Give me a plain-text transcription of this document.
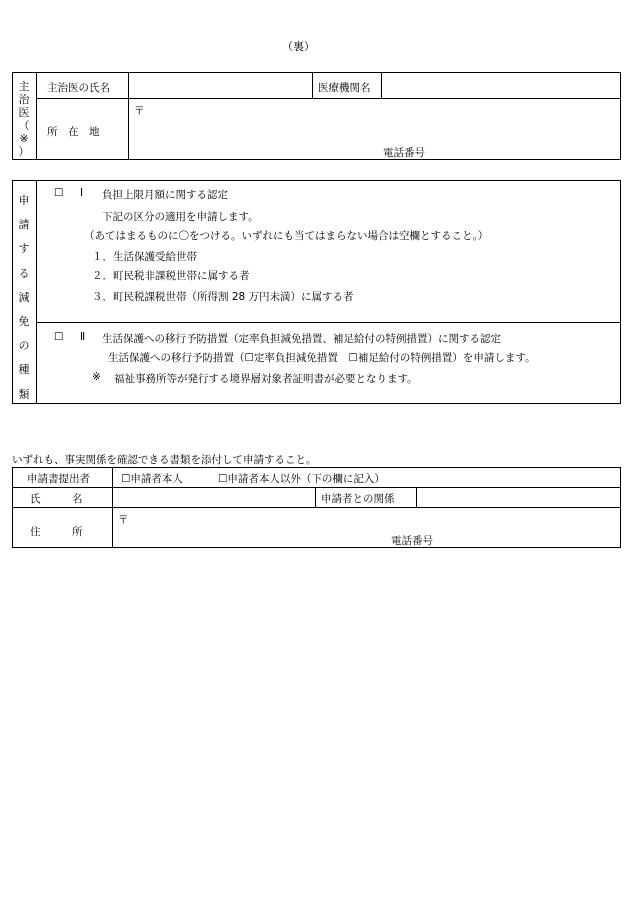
（裏）
主
治
医
（
※
）
主治医の氏名	医療機関名
所　在　地
〒
電話番号
申
請
す
る
減
免
の
種
類
☐ Ⅰ 負担上限月額に関する認定
下記の区分の適用を申請します。
（あてはまるものに〇をつける。いずれにも当てはまらない場合は空欄とすること。）
１．生活保護受給世帯
２．町民税非課税世帯に属する者
３．町民税課税世帯（所得割 28 万円未満）に属する者
☐ Ⅱ 生活保護への移行予防措置（定率負担減免措置、補足給付の特例措置）に関する認定
生活保護への移行予防措置（☐定率負担減免措置　☐補足給付の特例措置）を申請します。
※ 福祉事務所等が発行する境界層対象者証明書が必要となります。
いずれも、事実関係を確認できる書類を添付して申請すること。
申請書提出者	☐申請者本人	☐申請者本人以外（下の欄に記入）
氏　　　名	申請者との関係
住　　　所
〒
電話番号
